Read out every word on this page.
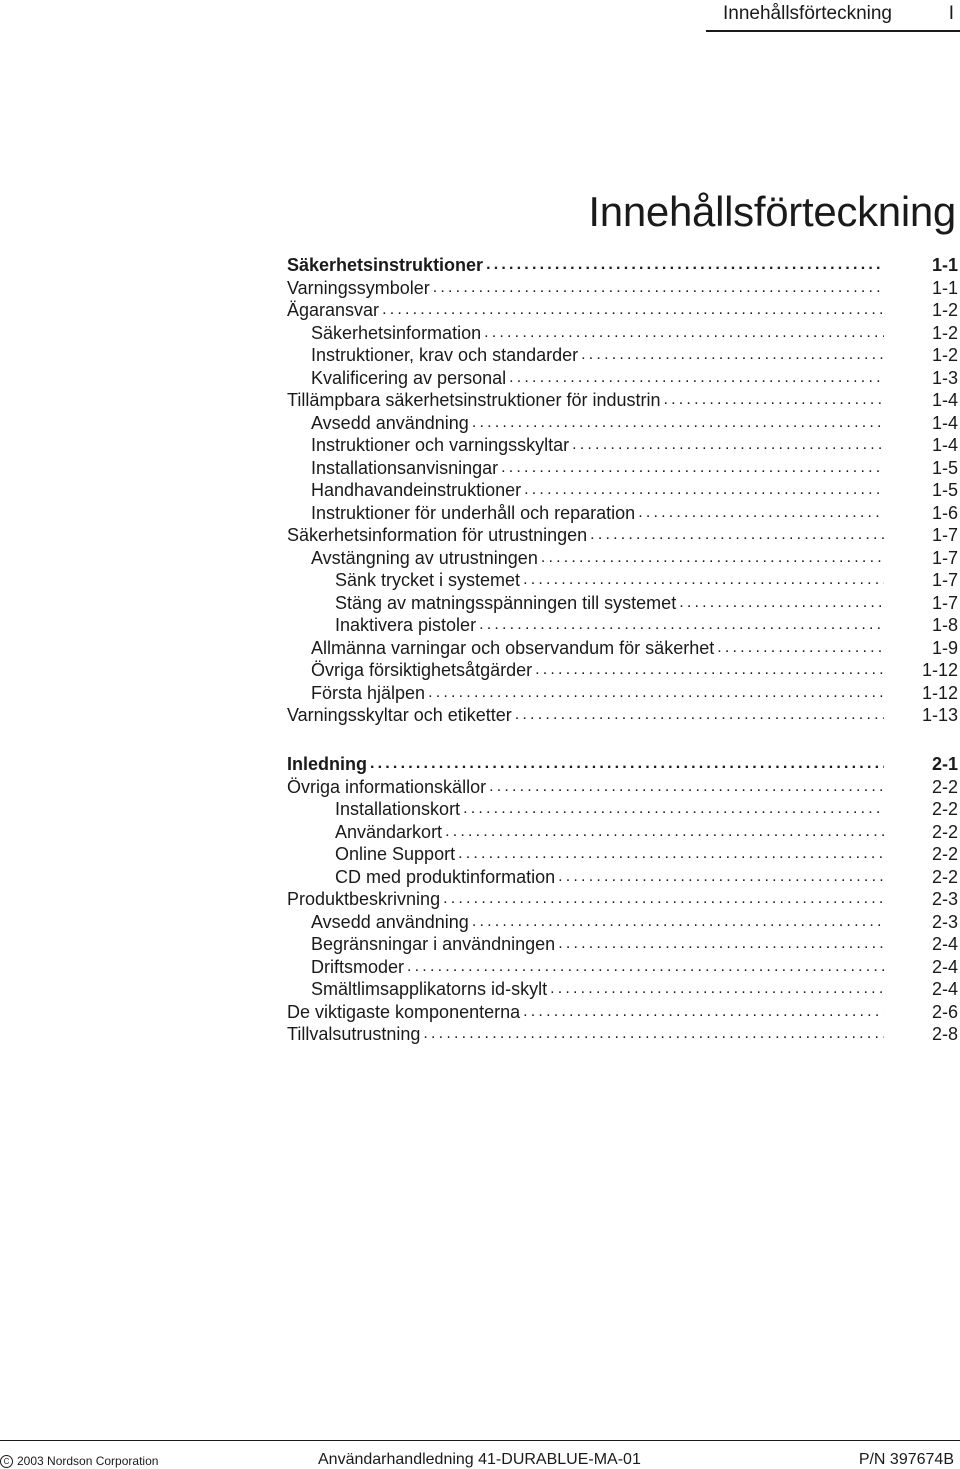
Innehållsförteckning	I
Innehållsförteckning
Säkerhetsinstruktioner .....	1-1
Varningssymboler .....	1-1
Ägaransvar .....	1-2
Säkerhetsinformation .....	1-2
Instruktioner, krav och standarder .....	1-2
Kvalificering av personal .....	1-3
Tillämpbara säkerhetsinstruktioner för industrin .....	1-4
Avsedd användning .....	1-4
Instruktioner och varningsskyltar .....	1-4
Installationsanvisningar .....	1-5
Handhavandeinstruktioner .....	1-5
Instruktioner för underhåll och reparation .....	1-6
Säkerhetsinformation för utrustningen .....	1-7
Avstängning av utrustningen .....	1-7
Sänk trycket i systemet .....	1-7
Stäng av matningsspänningen till systemet .....	1-7
Inaktivera pistoler .....	1-8
Allmänna varningar och observandum för säkerhet .....	1-9
Övriga försiktighetsåtgärder .....	1-12
Första hjälpen .....	1-12
Varningsskyltar och etiketter .....	1-13
Inledning .....	2-1
Övriga informationskällor .....	2-2
Installationskort .....	2-2
Användarkort .....	2-2
Online Support .....	2-2
CD med produktinformation .....	2-2
Produktbeskrivning .....	2-3
Avsedd användning .....	2-3
Begränsningar i användningen .....	2-4
Driftsmoder .....	2-4
Smältlimsapplikatorns id-skylt .....	2-4
De viktigaste komponenterna .....	2-6
Tillvalsutrustning .....	2-8
C 2003 Nordson Corporation	Användarhandledning 41-DURABLUE-MA-01	P/N 397674B
